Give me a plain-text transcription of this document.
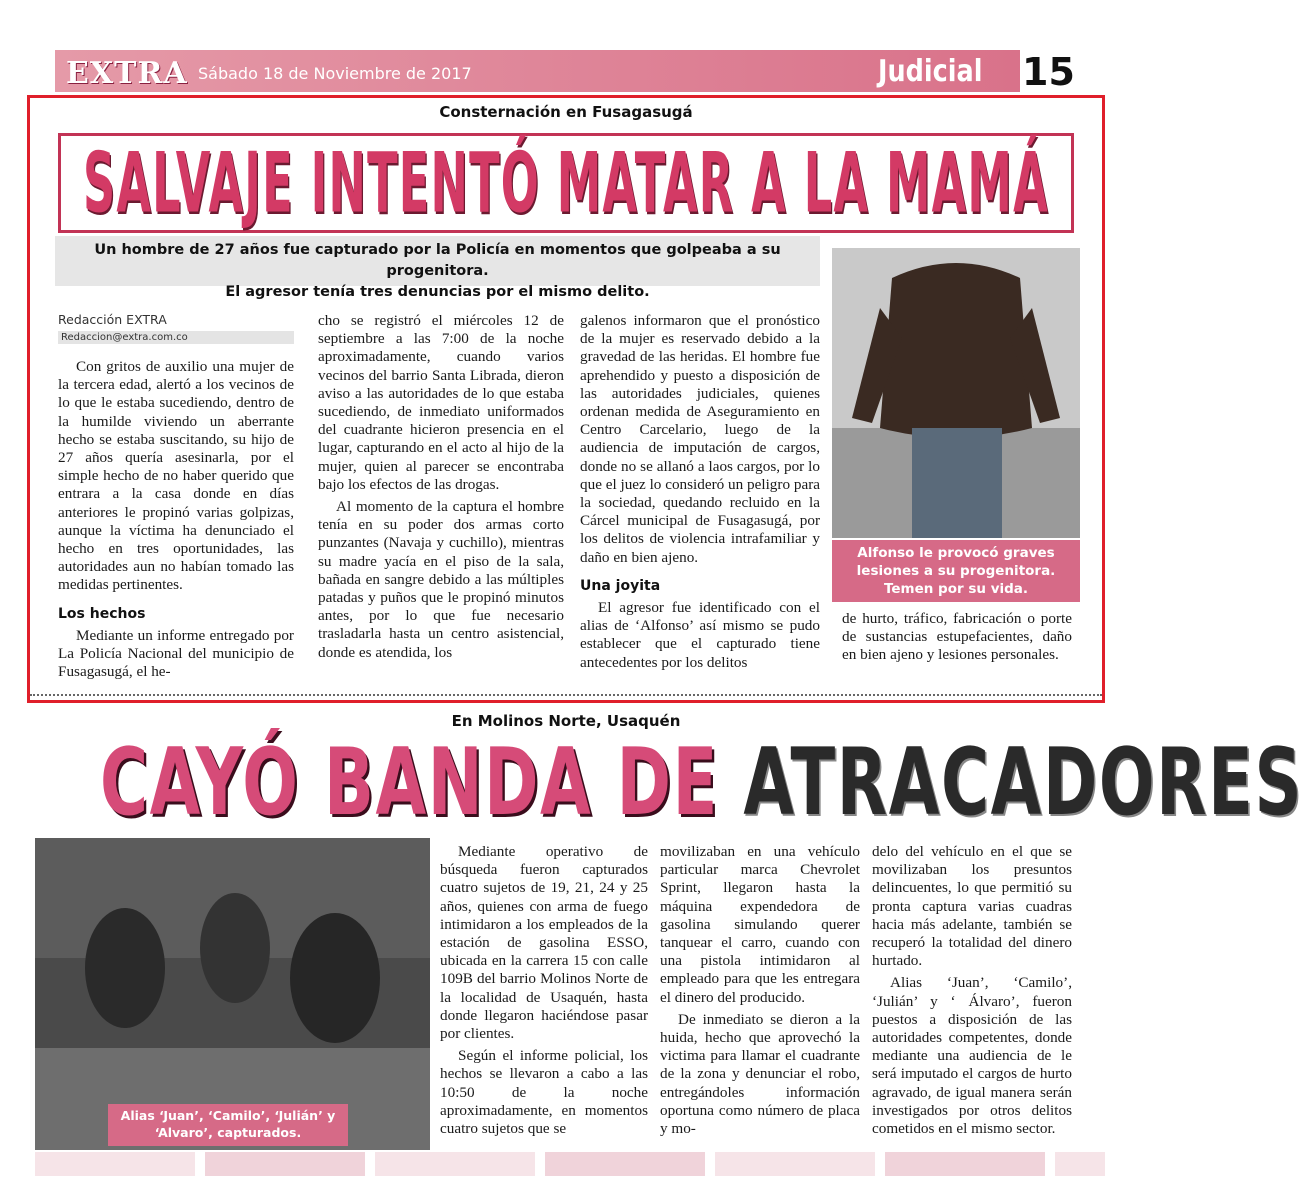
EXTRA Sábado 18 de Noviembre de 2017	Judicial 15
Consternación en Fusagasugá
SALVAJE INTENTÓ MATAR A LA MAMÁ
Un hombre de 27 años fue capturado por la Policía en momentos que golpeaba a su progenitora.
El agresor tenía tres denuncias por el mismo delito.
Redacción EXTRA
Redaccion@extra.com.co

Con gritos de auxilio una mujer de la tercera edad, alertó a los vecinos de lo que le estaba sucediendo, dentro de la humilde viviendo un aberrante hecho se estaba suscitando, su hijo de 27 años quería asesinarla, por el simple hecho de no haber querido que entrara a la casa donde en días anteriores le propinó varias golpizas, aunque la víctima ha denunciado el hecho en tres oportunidades, las autoridades aun no habían tomado las medidas pertinentes.

Los hechos

Mediante un informe entregado por La Policía Nacional del municipio de Fusagasugá, el he-

cho se registró el miércoles 12 de septiembre a las 7:00 de la noche aproximadamente, cuando varios vecinos del barrio Santa Librada, dieron aviso a las autoridades de lo que estaba sucediendo, de inmediato uniformados del cuadrante hicieron presencia en el lugar, capturando en el acto al hijo de la mujer, quien al parecer se encontraba bajo los efectos de las drogas.

Al momento de la captura el hombre tenía en su poder dos armas corto punzantes (Navaja y cuchillo), mientras su madre yacía en el piso de la sala, bañada en sangre debido a las múltiples patadas y puños que le propinó minutos antes, por lo que fue necesario trasladarla hasta un centro asistencial, donde es atendida, los

galenos informaron que el pronóstico de la mujer es reservado debido a la gravedad de las heridas. El hombre fue aprehendido y puesto a disposición de las autoridades judiciales, quienes ordenan medida de Aseguramiento en Centro Carcelario, luego de la audiencia de imputación de cargos, donde no se allanó a laos cargos, por lo que el juez lo consideró un peligro para la sociedad, quedando recluido en la Cárcel municipal de Fusagasugá, por los delitos de violencia intrafamiliar y daño en bien ajeno.

Una joyita

El agresor fue identificado con el alias de ‘Alfonso’ así mismo se pudo establecer que el capturado tiene antecedentes por los delitos

de hurto, tráfico, fabricación o porte de sustancias estupefacientes, daño en bien ajeno y lesiones personales.

Alfonso le provocó graves lesiones a su progenitora. Temen por su vida.
En Molinos Norte, Usaquén
CAYÓ BANDA DE ATRACADORES
Alias ‘Juan’, ‘Camilo’, ‘Julián’ y ‘Alvaro’, capturados.

Mediante operativo de búsqueda fueron capturados cuatro sujetos de 19, 21, 24 y 25 años, quienes con arma de fuego intimidaron a los empleados de la estación de gasolina ESSO, ubicada en la carrera 15 con calle 109B del barrio Molinos Norte de la localidad de Usaquén, hasta donde llegaron haciéndose pasar por clientes.

Según el informe policial, los hechos se llevaron a cabo a las 10:50 de la noche aproximadamente, en momentos cuatro sujetos que se

movilizaban en una vehículo particular marca Chevrolet Sprint, llegaron hasta la máquina expendedora de gasolina simulando querer tanquear el carro, cuando con una pistola intimidaron al empleado para que les entregara el dinero del producido.

De inmediato se dieron a la huida, hecho que aprovechó la victima para llamar el cuadrante de la zona y denunciar el robo, entregándoles información oportuna como número de placa y mo-

delo del vehículo en el que se movilizaban los presuntos delincuentes, lo que permitió su pronta captura varias cuadras hacia más adelante, también se recuperó la totalidad del dinero hurtado.

Alias ‘Juan’, ‘Camilo’, ‘Julián’ y ‘ Álvaro’, fueron puestos a disposición de las autoridades competentes, donde mediante una audiencia de le será imputado el cargos de hurto agravado, de igual manera serán investigados por otros delitos cometidos en el mismo sector.
